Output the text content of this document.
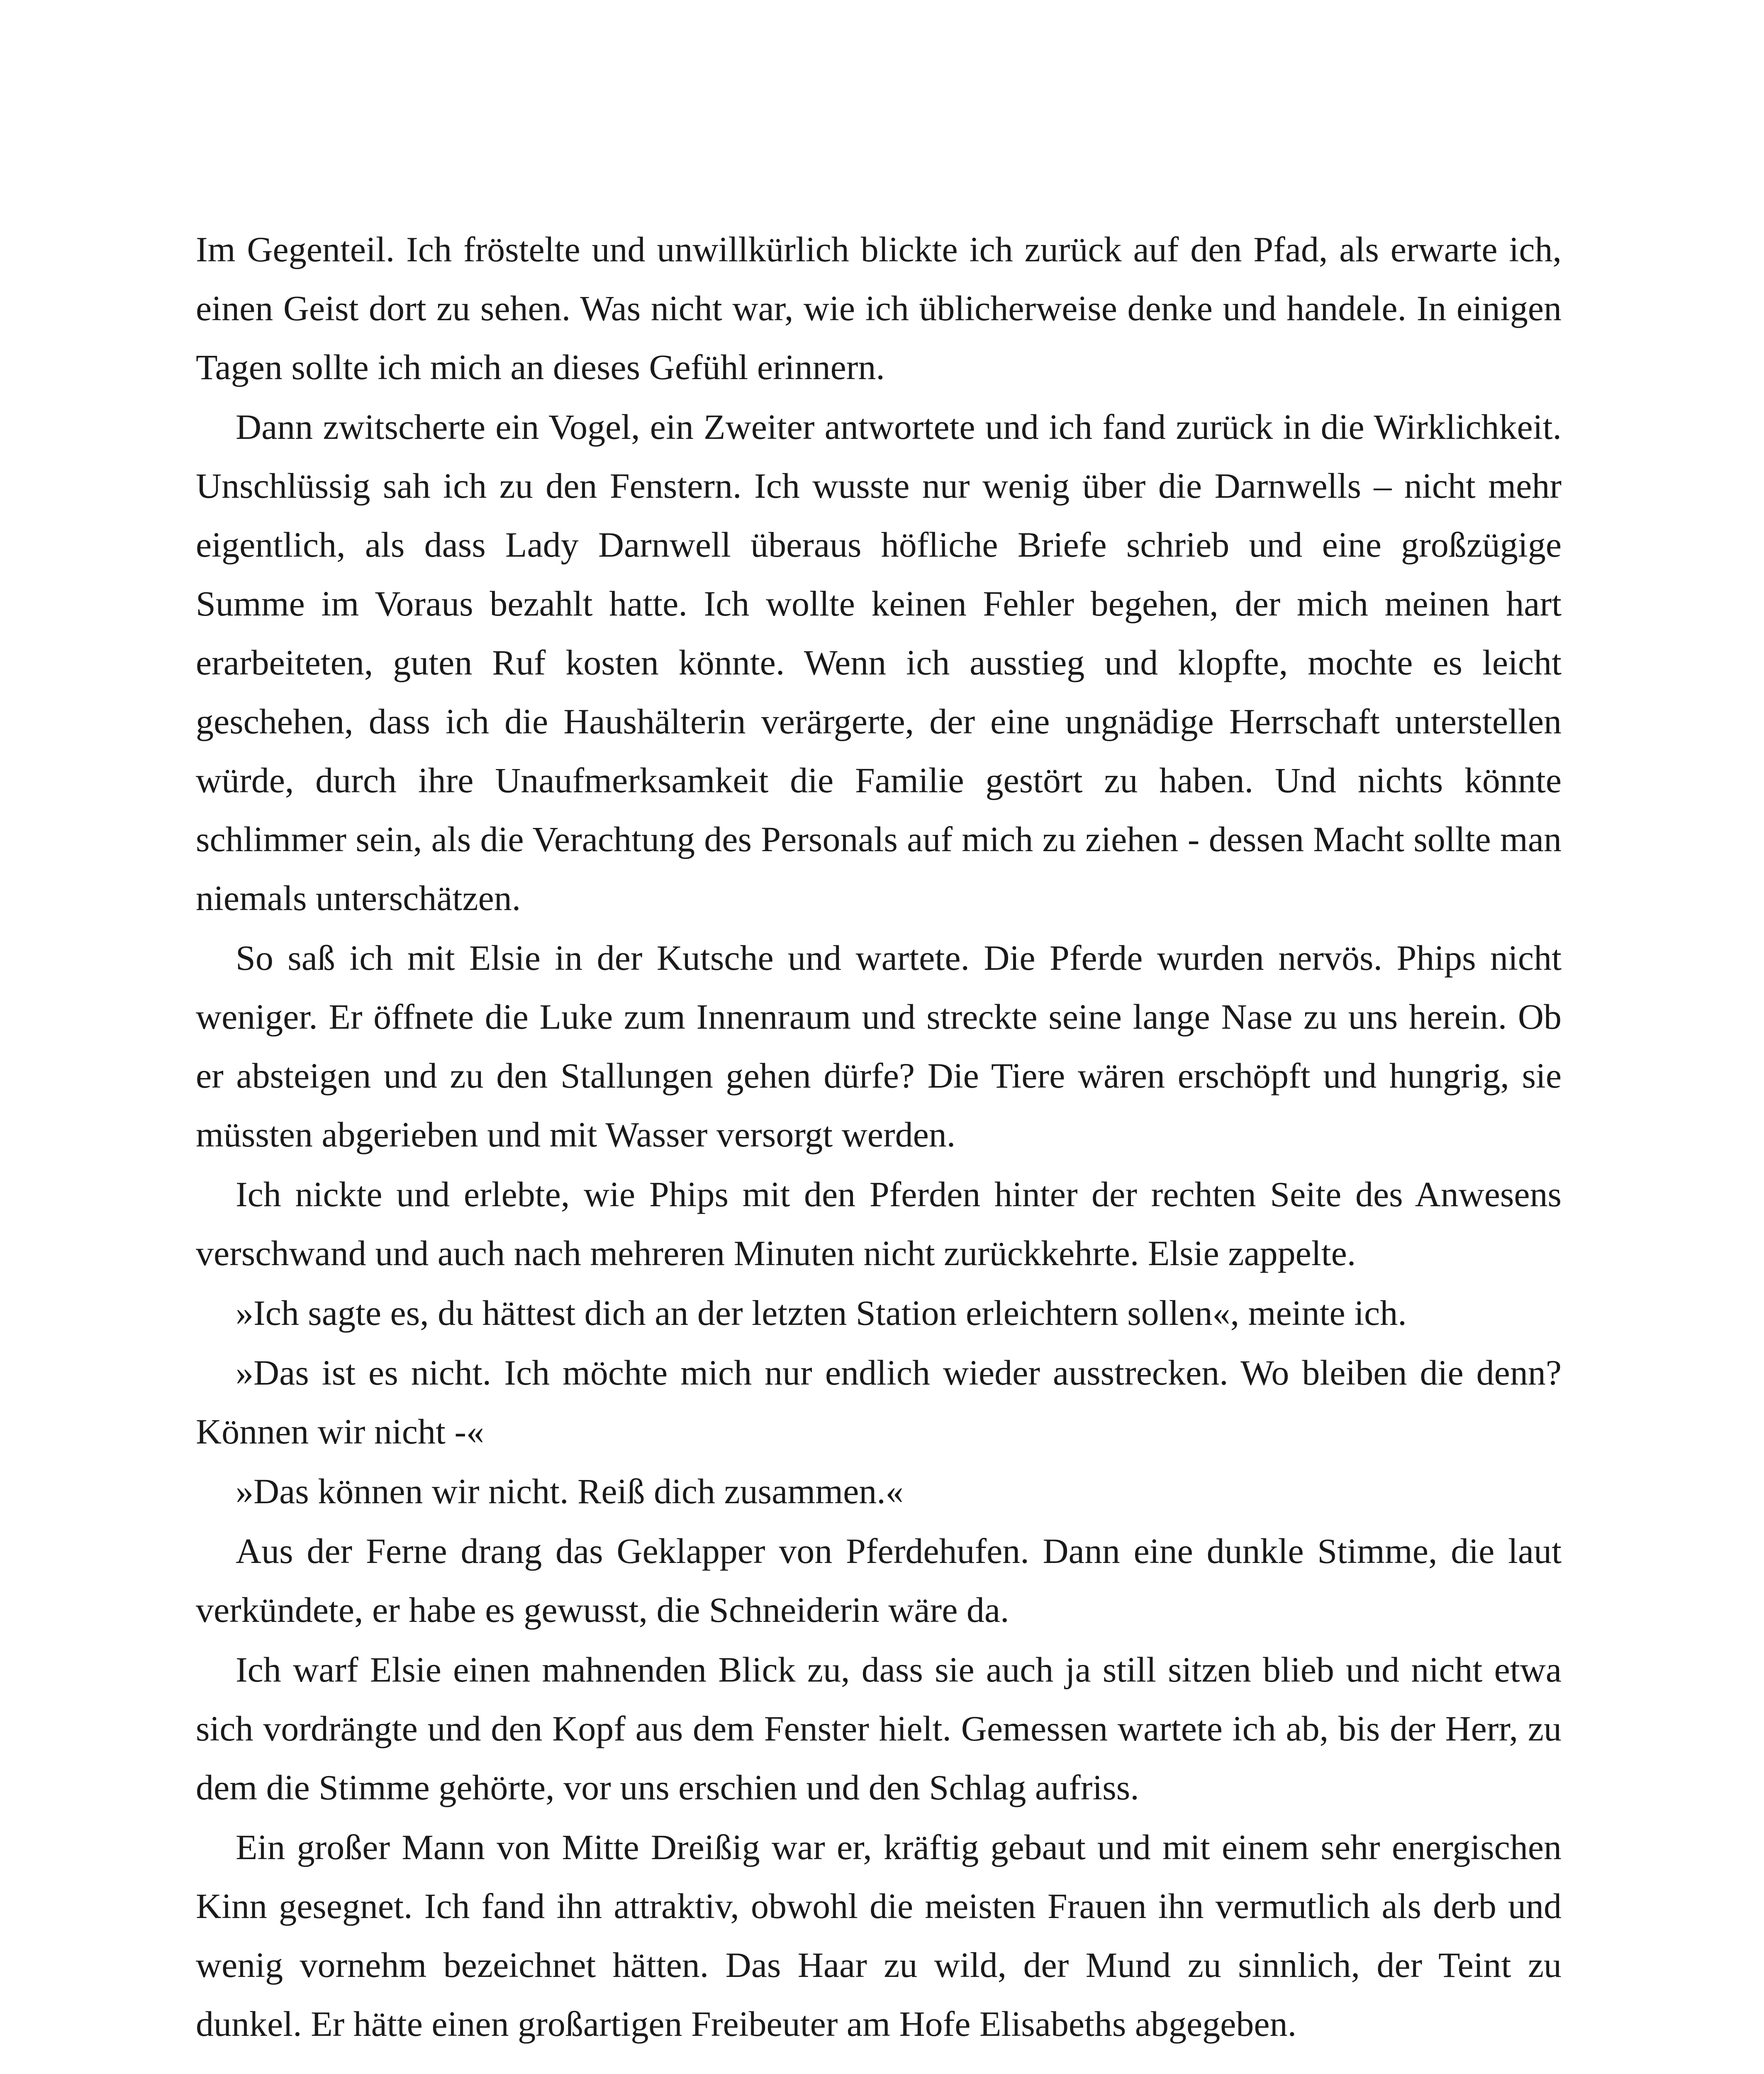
Im Gegenteil. Ich fröstelte und unwillkürlich blickte ich zurück auf den Pfad, als erwarte ich, einen Geist dort zu sehen. Was nicht war, wie ich üblicherweise denke und handele. In einigen Tagen sollte ich mich an dieses Gefühl erinnern.

Dann zwitscherte ein Vogel, ein Zweiter antwortete und ich fand zurück in die Wirklichkeit. Unschlüssig sah ich zu den Fenstern. Ich wusste nur wenig über die Darnwells – nicht mehr eigentlich, als dass Lady Darnwell überaus höfliche Briefe schrieb und eine großzügige Summe im Voraus bezahlt hatte. Ich wollte keinen Fehler begehen, der mich meinen hart erarbeiteten, guten Ruf kosten könnte. Wenn ich ausstieg und klopfte, mochte es leicht geschehen, dass ich die Haushälterin verärgerte, der eine ungnädige Herrschaft unterstellen würde, durch ihre Unaufmerksamkeit die Familie gestört zu haben. Und nichts könnte schlimmer sein, als die Verachtung des Personals auf mich zu ziehen - dessen Macht sollte man niemals unterschätzen.

So saß ich mit Elsie in der Kutsche und wartete. Die Pferde wurden nervös. Phips nicht weniger. Er öffnete die Luke zum Innenraum und streckte seine lange Nase zu uns herein. Ob er absteigen und zu den Stallungen gehen dürfe? Die Tiere wären erschöpft und hungrig, sie müssten abgerieben und mit Wasser versorgt werden.

Ich nickte und erlebte, wie Phips mit den Pferden hinter der rechten Seite des Anwesens verschwand und auch nach mehreren Minuten nicht zurückkehrte. Elsie zappelte.

»Ich sagte es, du hättest dich an der letzten Station erleichtern sollen«, meinte ich.

»Das ist es nicht. Ich möchte mich nur endlich wieder ausstrecken. Wo bleiben die denn? Können wir nicht -«

»Das können wir nicht. Reiß dich zusammen.«

Aus der Ferne drang das Geklapper von Pferdehufen. Dann eine dunkle Stimme, die laut verkündete, er habe es gewusst, die Schneiderin wäre da.

Ich warf Elsie einen mahnenden Blick zu, dass sie auch ja still sitzen blieb und nicht etwa sich vordrängte und den Kopf aus dem Fenster hielt. Gemessen wartete ich ab, bis der Herr, zu dem die Stimme gehörte, vor uns erschien und den Schlag aufriss.

Ein großer Mann von Mitte Dreißig war er, kräftig gebaut und mit einem sehr energischen Kinn gesegnet. Ich fand ihn attraktiv, obwohl die meisten Frauen ihn vermutlich als derb und wenig vornehm bezeichnet hätten. Das Haar zu wild, der Mund zu sinnlich, der Teint zu dunkel. Er hätte einen großartigen Freibeuter am Hofe Elisabeths abgegeben.
